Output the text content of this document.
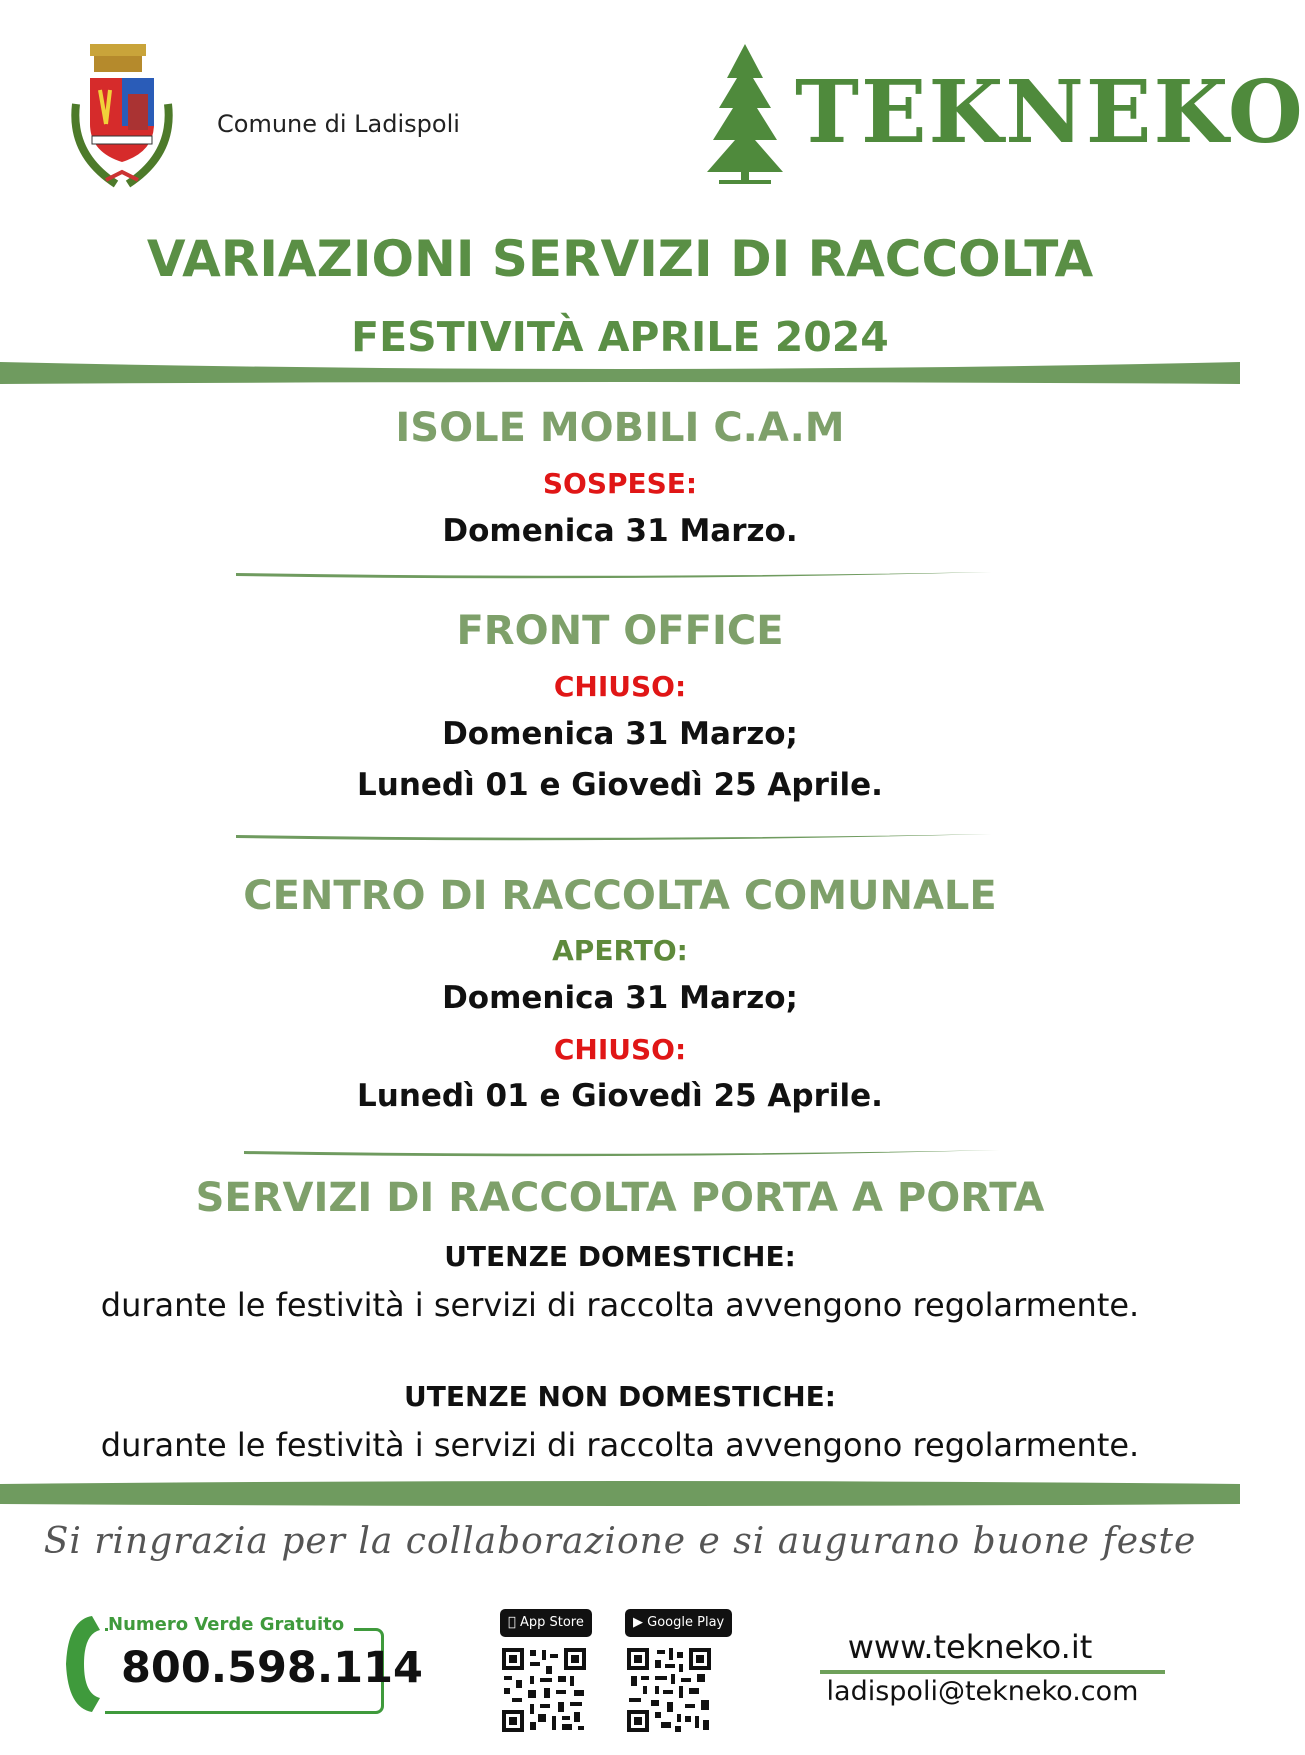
Comune di Ladispoli	TEKNEKO
VARIAZIONI SERVIZI DI RACCOLTA
FESTIVITÀ APRILE 2024
ISOLE MOBILI C.A.M
SOSPESE:
Domenica 31 Marzo.
FRONT OFFICE
CHIUSO:
Domenica 31 Marzo;
Lunedì 01 e Giovedì 25 Aprile.
CENTRO DI RACCOLTA COMUNALE
APERTO:
Domenica 31 Marzo;
CHIUSO:
Lunedì 01 e Giovedì 25 Aprile.
SERVIZI DI RACCOLTA PORTA A PORTA
UTENZE DOMESTICHE:
durante le festività i servizi di raccolta avvengono regolarmente.
UTENZE NON DOMESTICHE:
durante le festività i servizi di raccolta avvengono regolarmente.
Si ringrazia per la collaborazione e si augurano buone feste
Numero Verde Gratuito
800.598.114
App Store	▶ Google Play
www.tekneko.it
ladispoli@tekneko.com
